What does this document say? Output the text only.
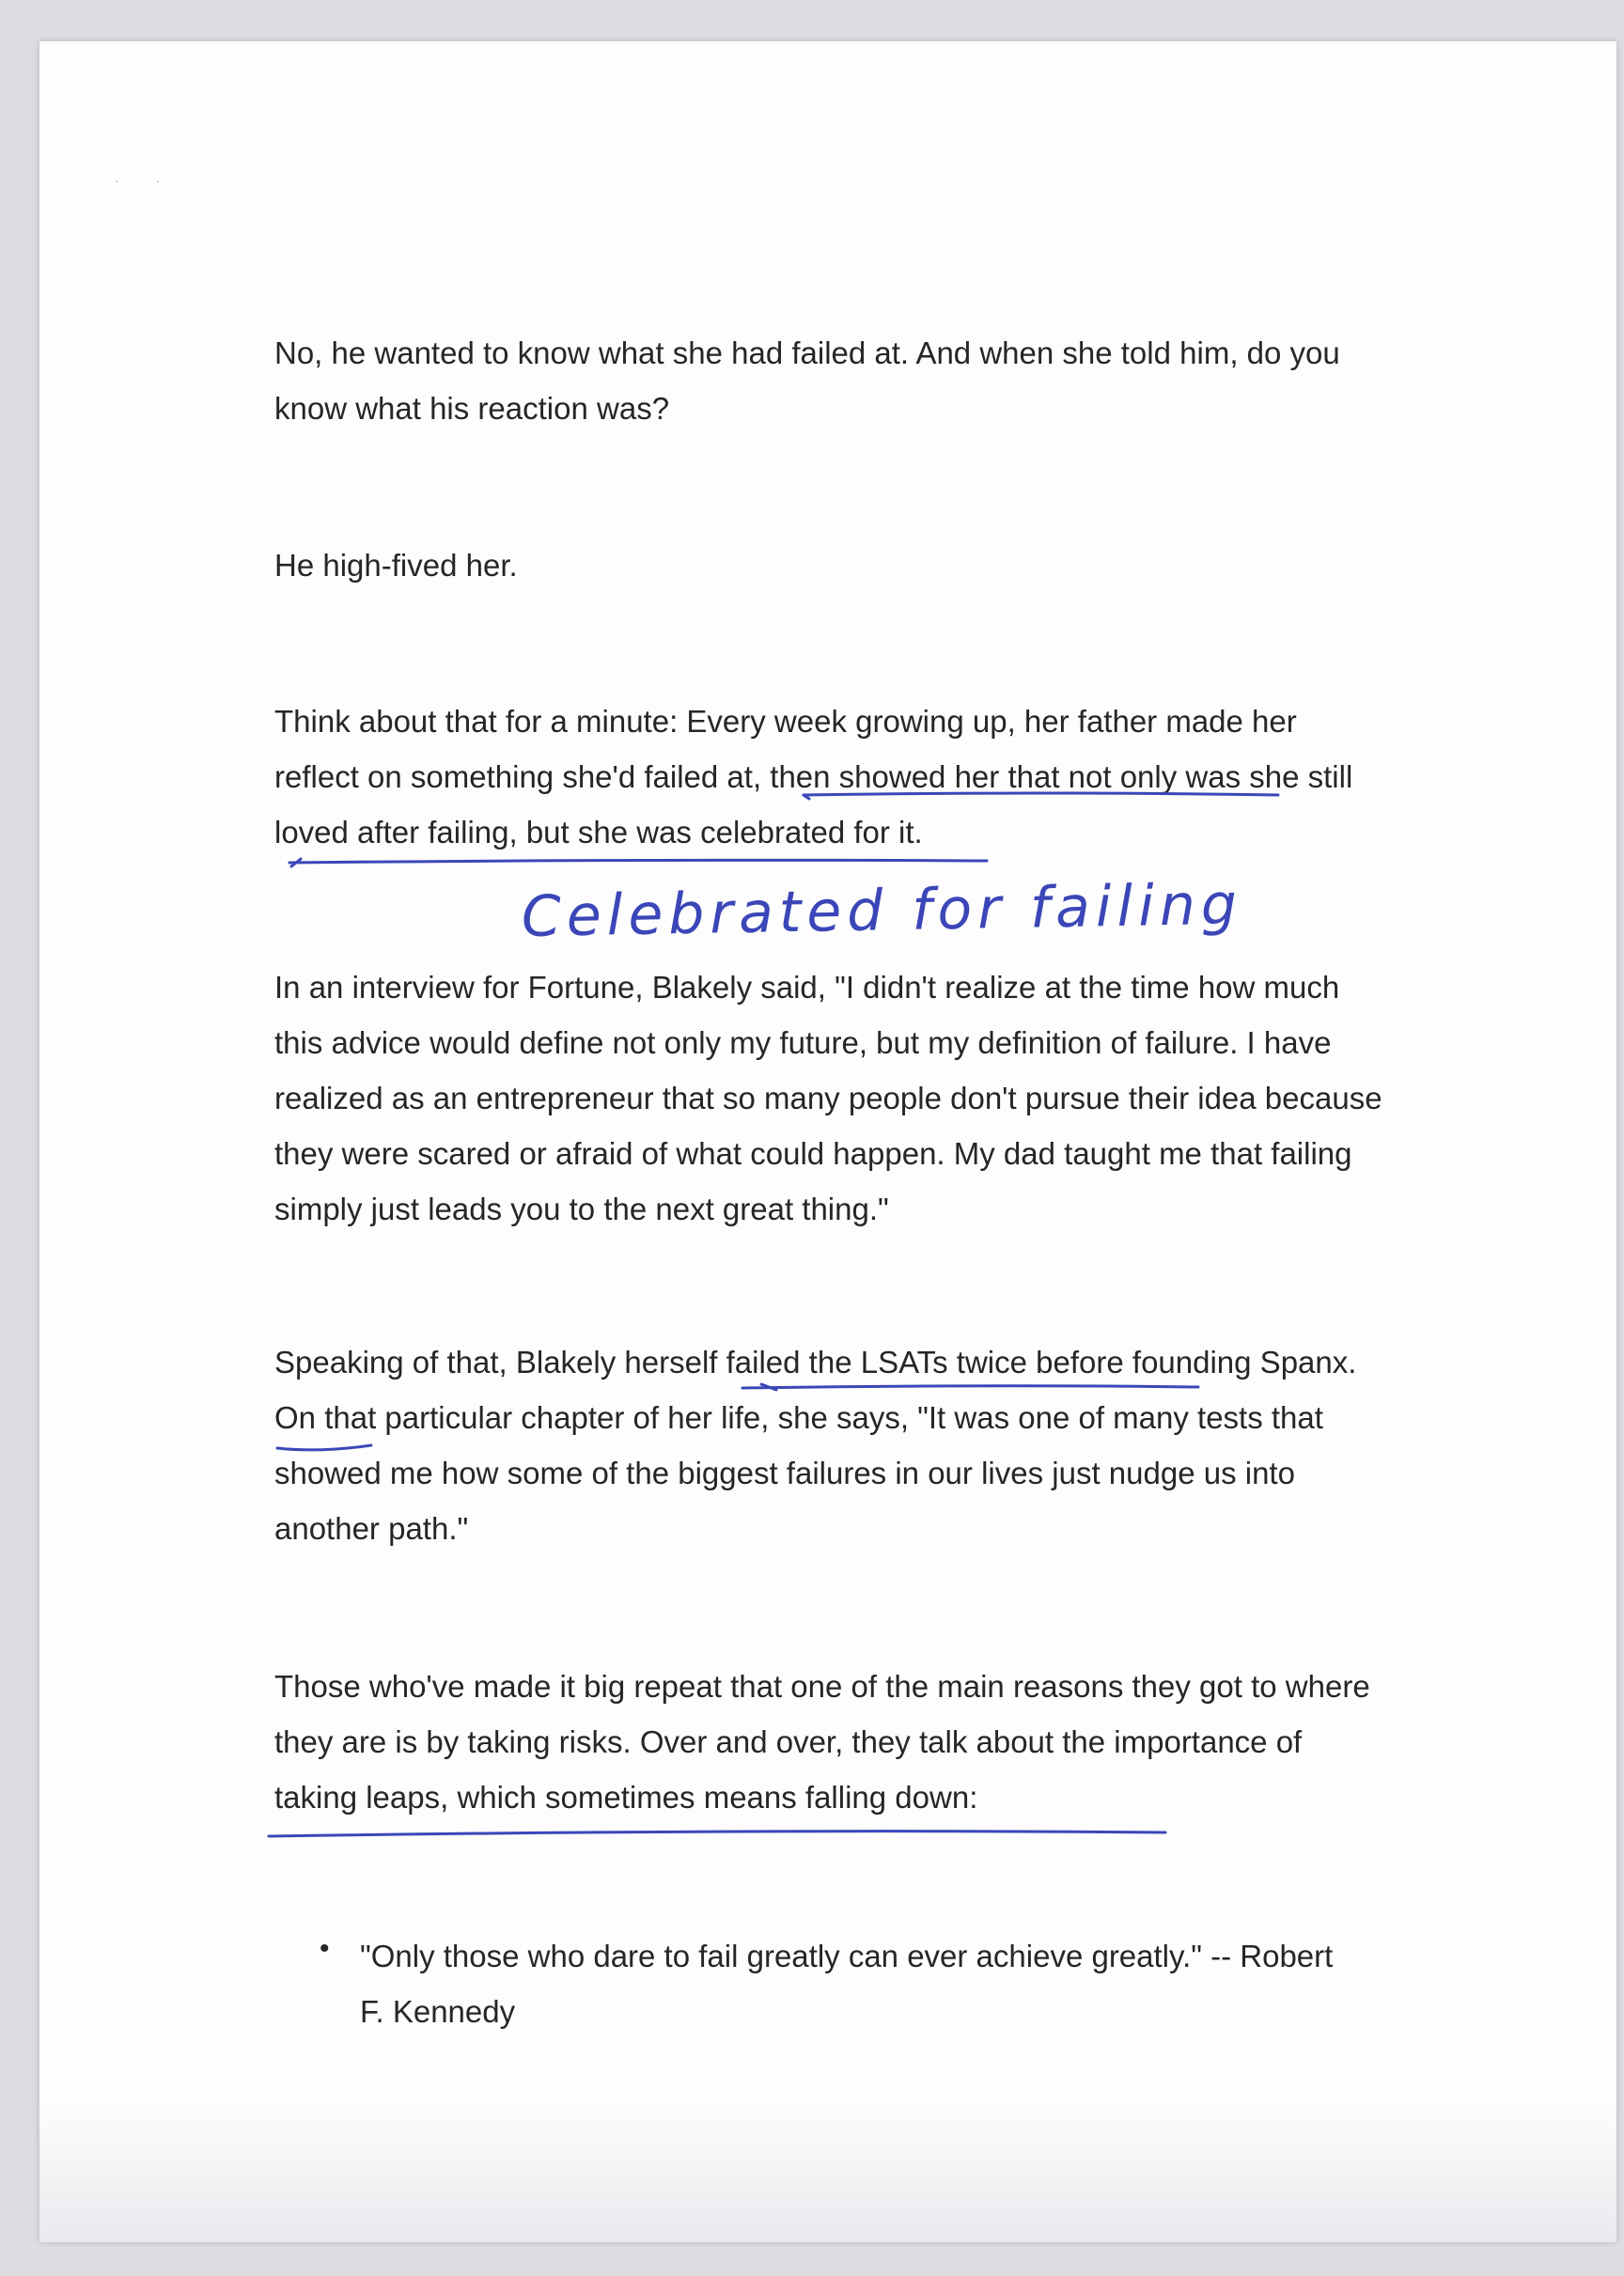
·          ·

No, he wanted to know what she had failed at. And when she told him, do you know what his reaction was?

He high-fived her.

Think about that for a minute: Every week growing up, her father made her reflect on something she'd failed at, then showed her that not only was she still loved after failing, but she was celebrated for it.

In an interview for Fortune, Blakely said, "I didn't realize at the time how much this advice would define not only my future, but my definition of failure. I have realized as an entrepreneur that so many people don't pursue their idea because they were scared or afraid of what could happen. My dad taught me that failing simply just leads you to the next great thing."

Speaking of that, Blakely herself failed the LSATs twice before founding Spanx. On that particular chapter of her life, she says, "It was one of many tests that showed me how some of the biggest failures in our lives just nudge us into another path."

Those who've made it big repeat that one of the main reasons they got to where they are is by taking risks. Over and over, they talk about the importance of taking leaps, which sometimes means falling down:

• "Only those who dare to fail greatly can ever achieve greatly." -- Robert F. Kennedy

Celebrated for failing
